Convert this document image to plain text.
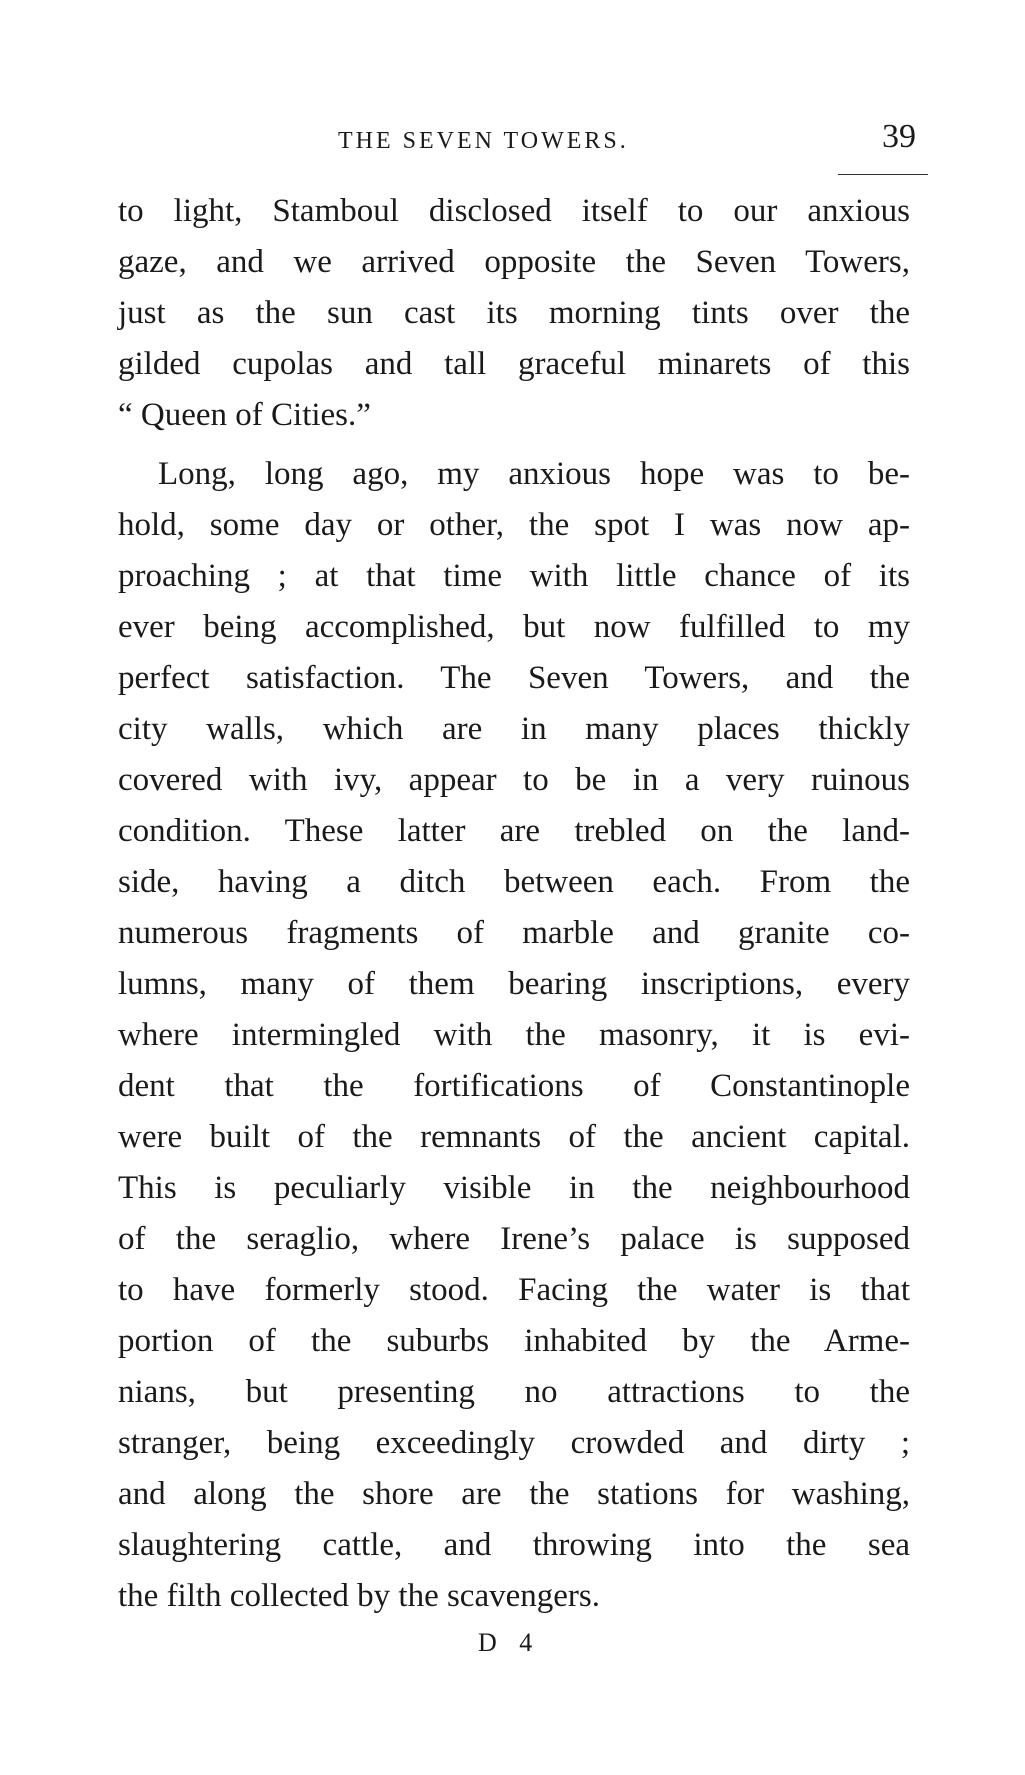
THE SEVEN TOWERS.	39
to light, Stamboul disclosed itself to our anxious
gaze, and we arrived opposite the Seven Towers,
just as the sun cast its morning tints over the
gilded cupolas and tall graceful minarets of this
“ Queen of Cities.”
Long, long ago, my anxious hope was to be-
hold, some day or other, the spot I was now ap-
proaching ; at that time with little chance of its
ever being accomplished, but now fulfilled to my
perfect satisfaction. The Seven Towers, and the
city walls, which are in many places thickly
covered with ivy, appear to be in a very ruinous
condition. These latter are trebled on the land-
side, having a ditch between each. From the
numerous fragments of marble and granite co-
lumns, many of them bearing inscriptions, every
where intermingled with the masonry, it is evi-
dent that the fortifications of Constantinople
were built of the remnants of the ancient capital.
This is peculiarly visible in the neighbourhood
of the seraglio, where Irene’s palace is supposed
to have formerly stood. Facing the water is that
portion of the suburbs inhabited by the Arme-
nians, but presenting no attractions to the
stranger, being exceedingly crowded and dirty ;
and along the shore are the stations for washing,
slaughtering cattle, and throwing into the sea
the filth collected by the scavengers.
D 4
